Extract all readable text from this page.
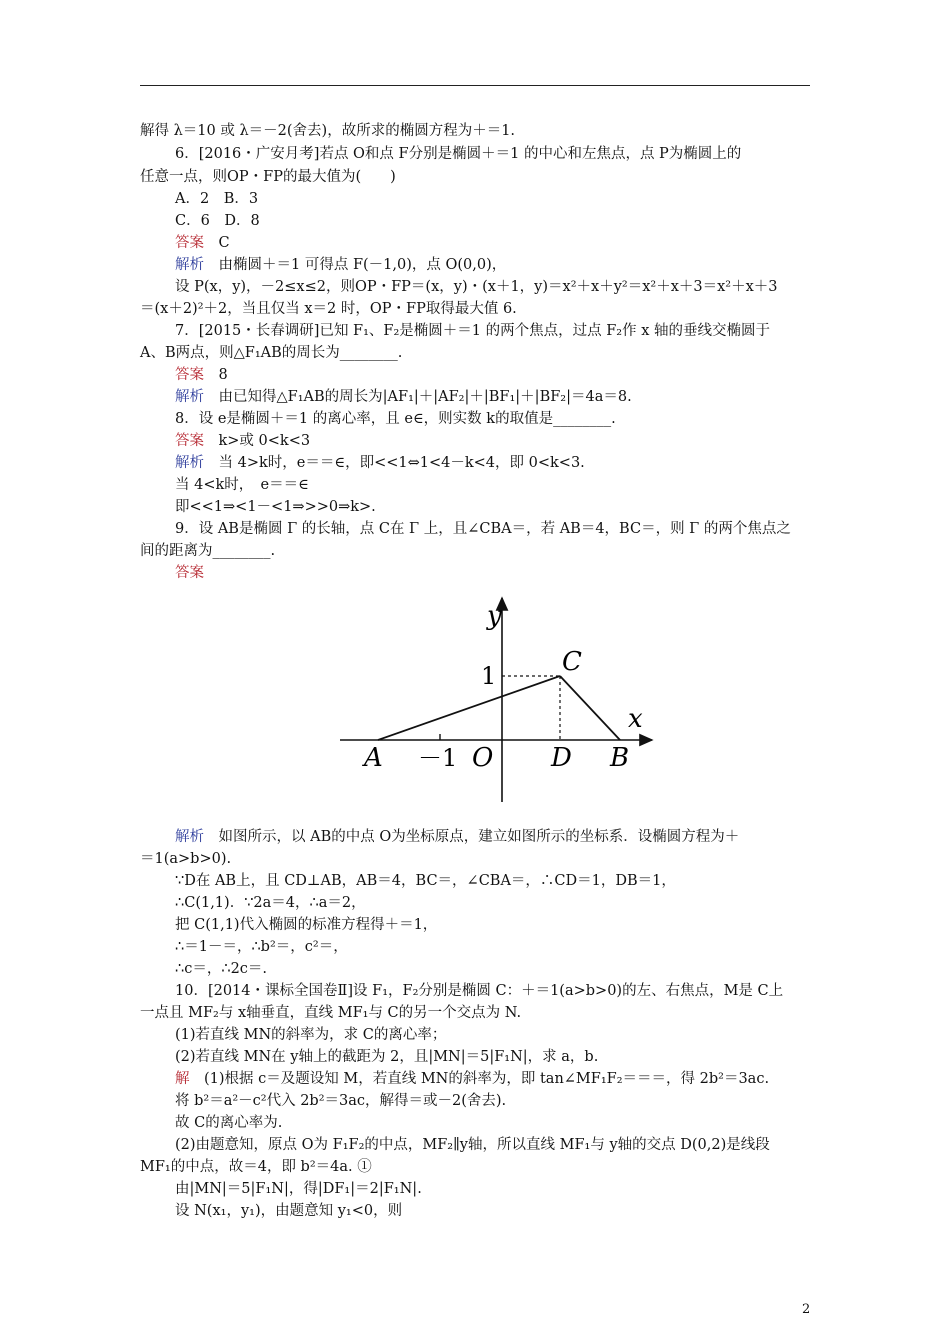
解得 λ＝10 或 λ＝－2(舍去)，故所求的椭圆方程为＋＝1.
6．[2016・广安月考]若点 O和点 F分别是椭圆＋＝1 的中心和左焦点，点 P为椭圆上的
任意一点，则OP・FP的最大值为(　　)
A．2　B．3
C．6　D．8
答案　C
解析　由椭圆＋＝1 可得点 F(－1,0)，点 O(0,0)，
设 P(x，y)，－2≤x≤2，则OP・FP＝(x，y)・(x＋1，y)＝x²＋x＋y²＝x²＋x＋3＝x²＋x＋3
＝(x＋2)²＋2，当且仅当 x＝2 时，OP・FP取得最大值 6.
7．[2015・长春调研]已知 F₁、F₂是椭圆＋＝1 的两个焦点，过点 F₂作 x 轴的垂线交椭圆于
A、B两点，则△F₁AB的周长为________.
答案　8
解析　由已知得△F₁AB的周长为|AF₁|＋|AF₂|＋|BF₁|＋|BF₂|＝4a＝8.
8．设 e是椭圆＋＝1 的离心率，且 e∈，则实数 k的取值是________.
答案　k>或 0<k<3
解析　当 4>k时，e＝＝∈，即<<1⇔1<4－k<4，即 0<k<3.
当 4<k时，　e＝＝∈
即<<1⇒<1－<1⇒>>0⇒k>.
9．设 AB是椭圆 Γ 的长轴，点 C在 Γ 上，且∠CBA＝，若 AB＝4，BC＝，则 Γ 的两个焦点之
间的距离为________.
答案
y
x
1	C
A －1 O D B
解析　如图所示，以 AB的中点 O为坐标原点，建立如图所示的坐标系．设椭圆方程为＋
＝1(a>b>0).
∵D在 AB上，且 CD⊥AB，AB＝4，BC＝，∠CBA＝，∴CD＝1，DB＝1，
∴C(1,1)．∵2a＝4，∴a＝2，
把 C(1,1)代入椭圆的标准方程得＋＝1，
∴＝1－＝，∴b²＝，c²＝，
∴c＝，∴2c＝.
10．[2014・课标全国卷Ⅱ]设 F₁，F₂分别是椭圆 C：＋＝1(a>b>0)的左、右焦点，M是 C上
一点且 MF₂与 x轴垂直，直线 MF₁与 C的另一个交点为 N.
(1)若直线 MN的斜率为，求 C的离心率；
(2)若直线 MN在 y轴上的截距为 2，且|MN|＝5|F₁N|，求 a，b.
解　(1)根据 c＝及题设知 M，若直线 MN的斜率为，即 tan∠MF₁F₂＝＝＝，得 2b²＝3ac.
将 b²＝a²－c²代入 2b²＝3ac，解得＝或－2(舍去).
故 C的离心率为.
(2)由题意知，原点 O为 F₁F₂的中点，MF₂∥y轴，所以直线 MF₁与 y轴的交点 D(0,2)是线段
MF₁的中点，故＝4，即 b²＝4a. ①
由|MN|＝5|F₁N|，得|DF₁|＝2|F₁N|.
设 N(x₁，y₁)，由题意知 y₁<0，则
2
